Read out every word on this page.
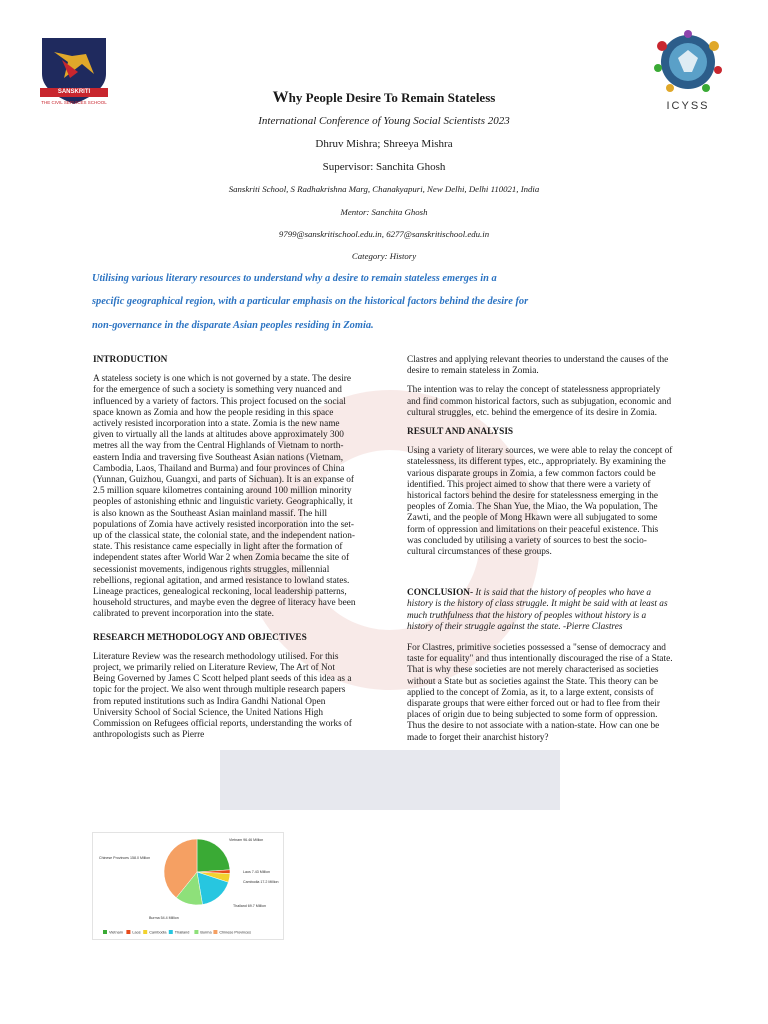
SANSKRITI
THE CIVIL SERVICES SCHOOL	ICYSS
Why People Desire To Remain Stateless
International Conference of Young Social Scientists 2023
Dhruv Mishra; Shreeya Mishra
Supervisor: Sanchita Ghosh
Sanskriti School, S Radhakrishna Marg, Chanakyapuri, New Delhi, Delhi 110021, India
Mentor: Sanchita Ghosh
9799@sanskritischool.edu.in, 6277@sanskritischool.edu.in
Category: History
Utilising various literary resources to understand why a desire to remain stateless emerges in a
specific geographical region, with a particular emphasis on the historical factors behind the desire for
non-governance in the disparate Asian peoples residing in Zomia.
INTRODUCTION

A stateless society is one which is not governed by a state. The desire for the emergence of such a society is something very nuanced and influenced by a variety of factors. This project focused on the social space known as Zomia and how the people residing in this space actively resisted incorporation into a state. Zomia is the new name given to virtually all the lands at altitudes above approximately 300 metres all the way from the Central Highlands of Vietnam to north-eastern India and traversing five Southeast Asian nations (Vietnam, Cambodia, Laos, Thailand and Burma) and four provinces of China (Yunnan, Guizhou, Guangxi, and parts of Sichuan). It is an expanse of 2.5 million square kilometres containing around 100 million minority peoples of astonishing ethnic and linguistic variety. Geographically, it is also known as the Southeast Asian mainland massif. The hill populations of Zomia have actively resisted incorporation into the set-up of the classical state, the colonial state, and the independent nation-state. This resistance came especially in light after the formation of independent states after World War 2 when Zomia became the site of secessionist movements, indigenous rights struggles, millennial rebellions, regional agitation, and armed resistance to lowland states. Lineage practices, genealogical reckoning, local leadership patterns, household structures, and maybe even the degree of literacy have been calibrated to prevent incorporation into the state.

RESEARCH METHODOLOGY AND OBJECTIVES

Literature Review was the research methodology utilised. For this project, we primarily relied on Literature Review, The Art of Not Being Governed by James C Scott helped plant seeds of this idea as a topic for the project. We also went through multiple research papers from reputed institutions such as Indira Gandhi National Open University School of Social Science, the United Nations High Commission on Refugees official reports, understanding the works of anthropologists such as Pierre

Clastres and applying relevant theories to understand the causes of the desire to remain stateless in Zomia.

The intention was to relay the concept of statelessness appropriately and find common historical factors, such as subjugation, economic and cultural struggles, etc. behind the emergence of its desire in Zomia.

RESULT AND ANALYSIS

Using a variety of literary sources, we were able to relay the concept of statelessness, its different types, etc., appropriately. By examining the various disparate groups in Zomia, a few common factors could be identified. This project aimed to show that there were a variety of historical factors behind the desire for statelessness emerging in the peoples of Zomia. The Shan Yue, the Miao, the Wa population, The Zawti, and the people of Mong Hkawn were all subjugated to some form of oppression and limitations on their peaceful existence. This was concluded by utilising a variety of sources to best the socio-cultural circumstances of these groups.

CONCLUSION- It is said that the history of peoples who have a history is the history of class struggle. It might be said with at least as much truthfulness that the history of peoples without history is a history of their struggle against the state. -Pierre Clastres

For Clastres, primitive societies possessed a "sense of democracy and taste for equality" and thus intentionally discouraged the rise of a State. That is why these societies are not merely characterised as societies without a State but as societies against the State. This theory can be applied to the concept of Zomia, as it, to a large extent, consists of disparate groups that were either forced out or had to flee from their places of origin due to being subjected to some form of oppression. Thus the desire to not associate with a nation-state. How can one be made to forget their anarchist history?

Vietnam 96.46 Million
Laos 7.43 Million
Cambodia 17.2 Million
Thailand 69.7 Million
Burma 54.4 Million
Chinese Provinces 158.0 Million
Vietnam	Laos Cambodia Thailand	Burma Chinese Provinces
